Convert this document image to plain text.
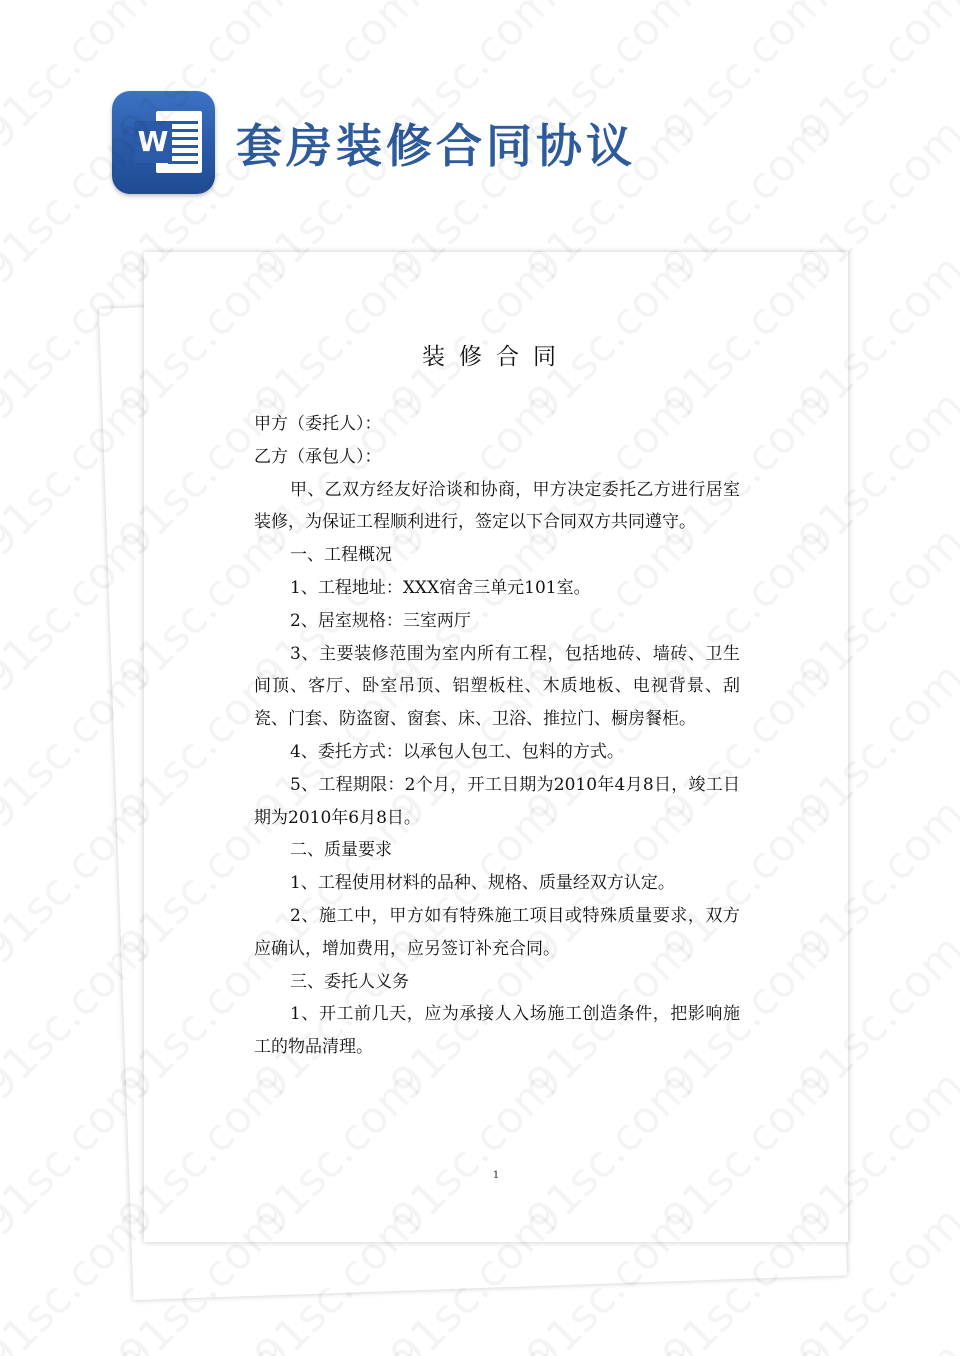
W 套房装修合同协议
装修合同

甲方（委托人）：

乙方（承包人）：

甲、乙双方经友好洽谈和协商，甲方决定委托乙方进行居室装修，为保证工程顺利进行，签定以下合同双方共同遵守。

一、工程概况

1、工程地址：XXX宿舍三单元101室。

2、居室规格：三室两厅

3、主要装修范围为室内所有工程，包括地砖、墙砖、卫生间顶、客厅、卧室吊顶、铝塑板柱、木质地板、电视背景、刮瓷、门套、防盗窗、窗套、床、卫浴、推拉门、橱房餐柜。

4、委托方式：以承包人包工、包料的方式。

5、工程期限：2个月，开工日期为2010年4月8日，竣工日期为2010年6月8日。

二、质量要求

1、工程使用材料的品种、规格、质量经双方认定。

2、施工中，甲方如有特殊施工项目或特殊质量要求，双方应确认，增加费用，应另签订补充合同。

三、委托人义务

1、开工前几天，应为承接人入场施工创造条件，把影响施工的物品清理。

1
